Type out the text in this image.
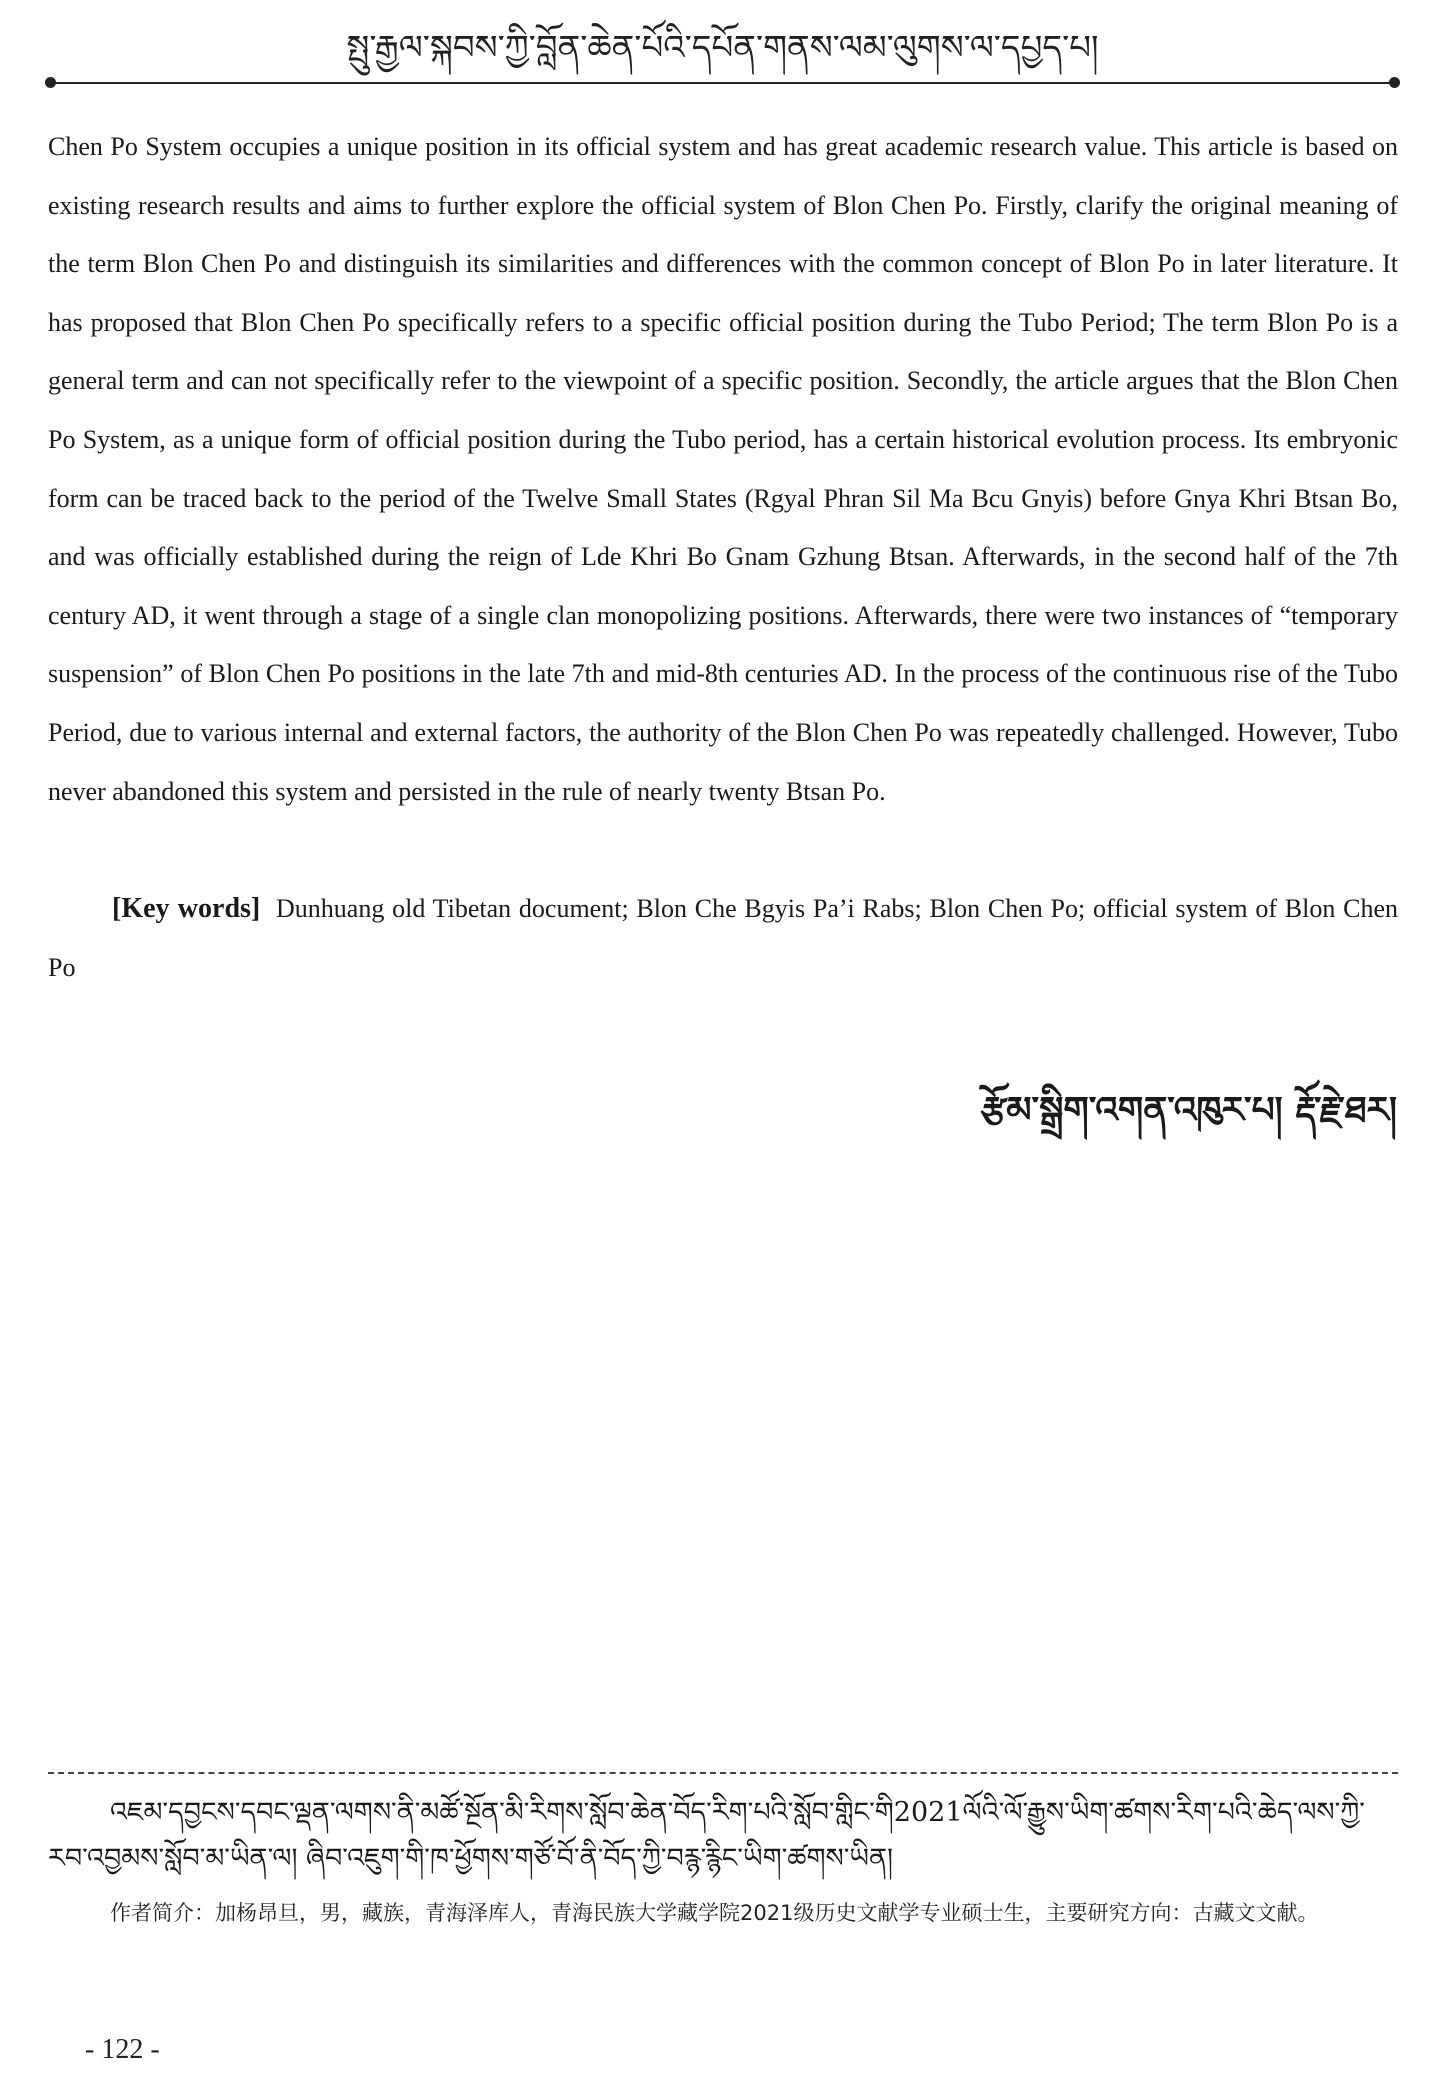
སྤུ་རྒྱལ་སྐབས་ཀྱི་བློན་ཆེན་པོའི་དཔོན་གནས་ལམ་ལུགས་ལ་དཔྱད་པ།

Chen Po System occupies a unique position in its official system and has great academic research value. This article is based on existing research results and aims to further explore the official system of Blon Chen Po. Firstly, clarify the original meaning of the term Blon Chen Po and distinguish its similarities and differences with the common concept of Blon Po in later literature. It has proposed that Blon Chen Po specifically refers to a specific official position during the Tubo Period; The term Blon Po is a general term and can not specifically refer to the viewpoint of a specific position. Secondly, the article argues that the Blon Chen Po System, as a unique form of official position during the Tubo period, has a certain historical evolution process. Its embryonic form can be traced back to the period of the Twelve Small States (Rgyal Phran Sil Ma Bcu Gnyis) before Gnya Khri Btsan Bo, and was officially established during the reign of Lde Khri Bo Gnam Gzhung Btsan. Afterwards, in the second half of the 7th century AD, it went through a stage of a single clan monopolizing positions. Afterwards, there were two instances of “temporary suspension” of Blon Chen Po positions in the late 7th and mid-8th centuries AD. In the process of the continuous rise of the Tubo Period, due to various internal and external factors, the authority of the Blon Chen Po was repeatedly challenged. However, Tubo never abandoned this system and persisted in the rule of nearly twenty Btsan Po.

[Key words] Dunhuang old Tibetan document; Blon Che Bgyis Pa’i Rabs; Blon Chen Po; official system of Blon Chen Po

རྩོམ་སྒྲིག་འགན་འཁུར་པ། རྡོ་རྗེ་ཐར།

འཇམ་དབྱངས་དབང་ལྡན་ལགས་ནི་མཚོ་སྔོན་མི་རིགས་སློབ་ཆེན་བོད་རིག་པའི་སློབ་གླིང་གི2021ལོའི་ལོ་རྒྱུས་ཡིག་ཚགས་རིག་པའི་ཆེད་ལས་ཀྱི་རབ་འབྱམས་སློབ་མ་ཡིན་ལ། ཞིབ་འཇུག་གི་ཁ་ཕྱོགས་གཙོ་བོ་ནི་བོད་ཀྱི་བརྙ་རྙིང་ཡིག་ཚགས་ཡིན།

作者简介：加杨昂旦，男，藏族，青海泽库人，青海民族大学藏学院2021级历史文献学专业硕士生，主要研究方向：古藏文文献。

- 122 -
